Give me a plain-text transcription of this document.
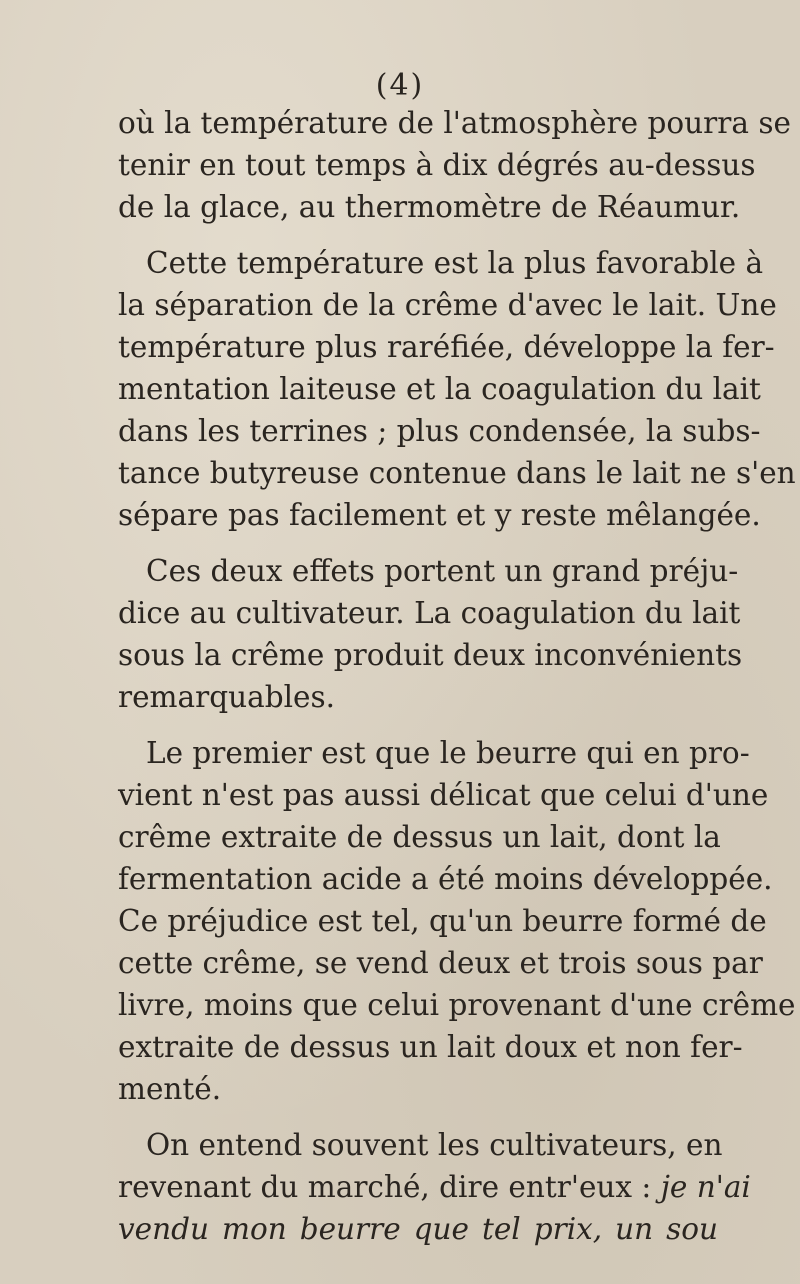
(4)
où la température de l'atmosphère pourra se
tenir en tout temps à dix dégrés au-dessus
de la glace, au thermomètre de Réaumur.
Cette température est la plus favorable à
la séparation de la crême d'avec le lait. Une
température plus raréfiée, développe la fer-
mentation laiteuse et la coagulation du lait
dans les terrines ; plus condensée, la subs-
tance butyreuse contenue dans le lait ne s'en
sépare pas facilement et y reste mêlangée.
Ces deux effets portent un grand préju-
dice au cultivateur. La coagulation du lait
sous la crême produit deux inconvénients
remarquables.
Le premier est que le beurre qui en pro-
vient n'est pas aussi délicat que celui d'une
crême extraite de dessus un lait, dont la
fermentation acide a été moins développée.
Ce préjudice est tel, qu'un beurre formé de
cette crême, se vend deux et trois sous par
livre, moins que celui provenant d'une crême
extraite de dessus un lait doux et non fer-
menté.
On entend souvent les cultivateurs, en
revenant du marché, dire entr'eux : je n'ai
vendu mon beurre que tel prix, un sou
